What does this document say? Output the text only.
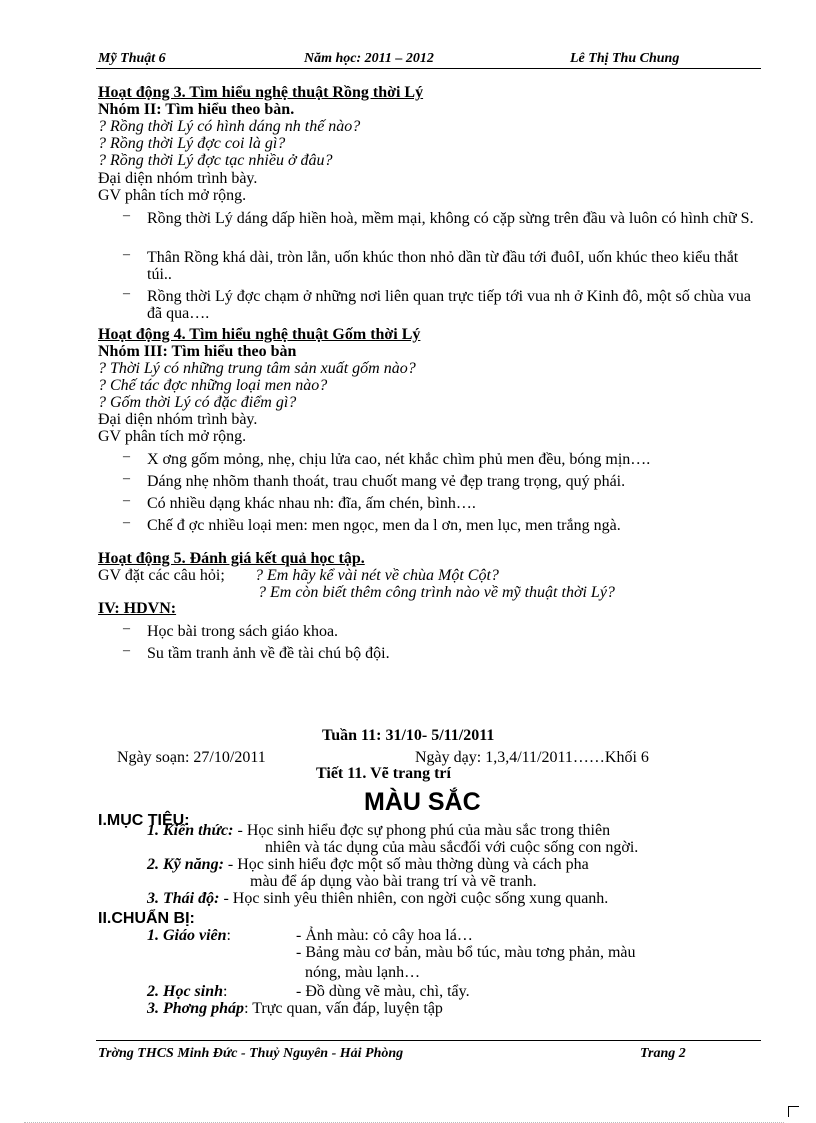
Mỹ Thuật 6	Năm học: 2011 – 2012	Lê Thị Thu Chung
Hoạt động 3. Tìm hiểu nghệ thuật Rồng thời Lý
Nhóm II: Tìm hiểu theo bàn.
? Rồng thời Lý có hình dáng nh thế nào?
? Rồng thời Lý đợc coi là gì?
? Rồng thời Lý đợc tạc nhiều ở đâu?
Đại diện nhóm trình bày.
GV phân tích mở rộng.
– Rồng thời Lý dáng dấp hiền hoà, mềm mại, không có cặp sừng trên đầu và luôn có hình chữ S.
– Thân Rồng khá dài, tròn lẳn, uốn khúc thon nhỏ dần từ đầu tới đuôI, uốn khúc theo kiểu thắt túi..
– Rồng thời Lý đợc chạm ở những nơi liên quan trực tiếp tới vua nh ở Kinh đô, một số chùa vua đã qua….
Hoạt động 4. Tìm hiểu nghệ thuật Gốm thời Lý
Nhóm III: Tìm hiểu theo bàn
? Thời Lý có những trung tâm sản xuất gốm nào?
? Chế tác đợc những loại men nào?
? Gốm thời Lý có đặc điểm gì?
Đại diện nhóm trình bày.
GV phân tích mở rộng.
– X ơng gốm mỏng, nhẹ, chịu lửa cao, nét khắc chìm phủ men đều, bóng mịn….
– Dáng nhẹ nhõm thanh thoát, trau chuốt mang vẻ đẹp trang trọng, quý phái.
– Có nhiều dạng khác nhau nh: đĩa, ấm chén, bình….
– Chế đ ợc nhiều loại men: men ngọc, men da l ơn, men lục, men trắng ngà.
Hoạt động 5. Đánh giá kết quả học tập.
GV đặt các câu hỏi; ? Em hãy kể vài nét về chùa Một Cột?
? Em còn biết thêm công trình nào về mỹ thuật thời Lý?
IV: HDVN:
– Học bài trong sách giáo khoa.
– Su tầm tranh ảnh về đề tài chú bộ đội.
Tuần 11: 31/10- 5/11/2011
Ngày soạn: 27/10/2011	Ngày dạy: 1,3,4/11/2011……Khối 6
Tiết 11. Vẽ trang trí
MÀU SẮC
I.MỤC TIÊU:
1. Kiến thức: - Học sinh hiểu đợc sự phong phú của màu sắc trong thiên
nhiên và tác dụng của màu sắcđối với cuộc sống con ngời.
2. Kỹ năng: - Học sinh hiểu đợc một số màu thờng dùng và cách pha
màu để áp dụng vào bài trang trí và vẽ tranh.
3. Thái độ: - Học sinh yêu thiên nhiên, con ngời cuộc sống xung quanh.
II.CHUẨN BỊ:
1. Giáo viên:	- Ảnh màu: cỏ cây hoa lá…
- Bảng màu cơ bản, màu bổ túc, màu tơng phản, màu
nóng, màu lạnh…
2. Học sinh:	- Đồ dùng vẽ màu, chì, tẩy.
3. Phơng pháp: Trực quan, vấn đáp, luyện tập
Trờng THCS Minh Đức - Thuỷ Nguyên - Hải Phòng	Trang 2
